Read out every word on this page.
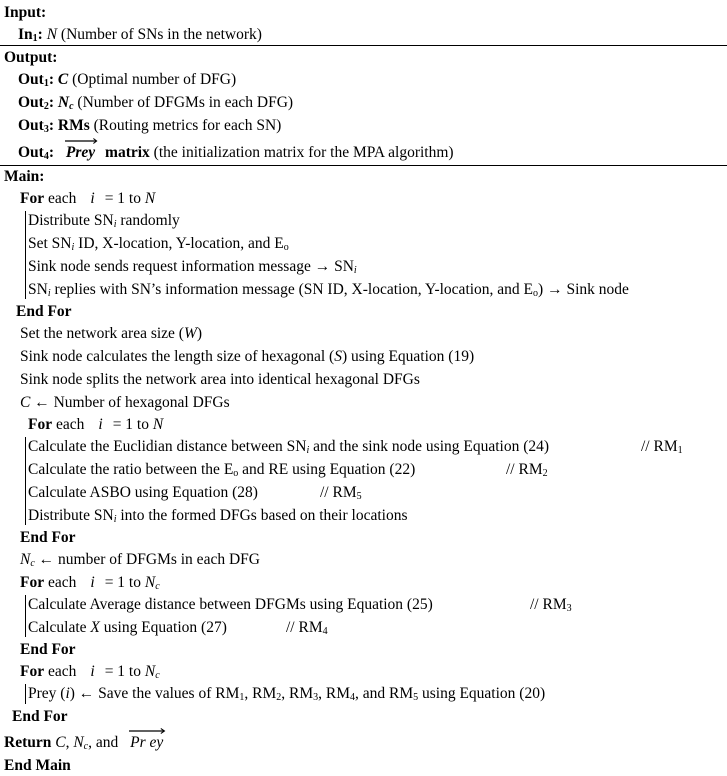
Input:
$In_1$: N (Number of SNs in the network)
Output:
Out$_1$: C (Optimal number of DFG)
Out$_2$: $N_c$ (Number of DFGMs in each DFG)
Out$_3$: RMs (Routing metrics for each SN)
Out$_4$: Prey matrix (the initialization matrix for the MPA algorithm)
Main:
For each i = 1 to N
Distribute $SN_i$ randomly
Set $SN_i$ ID, X-location, Y-location, and $E_o$
Sink node sends request information message → $SN_i$
$SN_i$ replies with SN’s information message (SN ID, X-location, Y-location, and $E_o$) → Sink node
End For
Set the network area size (W)
Sink node calculates the length size of hexagonal (S) using Equation (19)
Sink node splits the network area into identical hexagonal DFGs
C ← Number of hexagonal DFGs
For each i = 1 to N
Calculate the Euclidian distance between $SN_i$ and the sink node using Equation (24)	// $RM_1$
Calculate the ratio between the $E_o$ and RE using Equation (22)	// $RM_2$
Calculate ASBO using Equation (28)	// $RM_5$
Distribute $SN_i$ into the formed DFGs based on their locations
End For
$N_c$ ← number of DFGMs in each DFG
For each i = 1 to $N_c$
Calculate Average distance between DFGMs using Equation (25)	// $RM_3$
Calculate X using Equation (27)	// $RM_4$
End For
For each i = 1 to $N_c$
Prey (i) ← Save the values of $RM_1$, $RM_2$, $RM_3$, $RM_4$, and $RM_5$ using Equation (20)
End For
Return C, $N_c$, and Pr ey
End Main
